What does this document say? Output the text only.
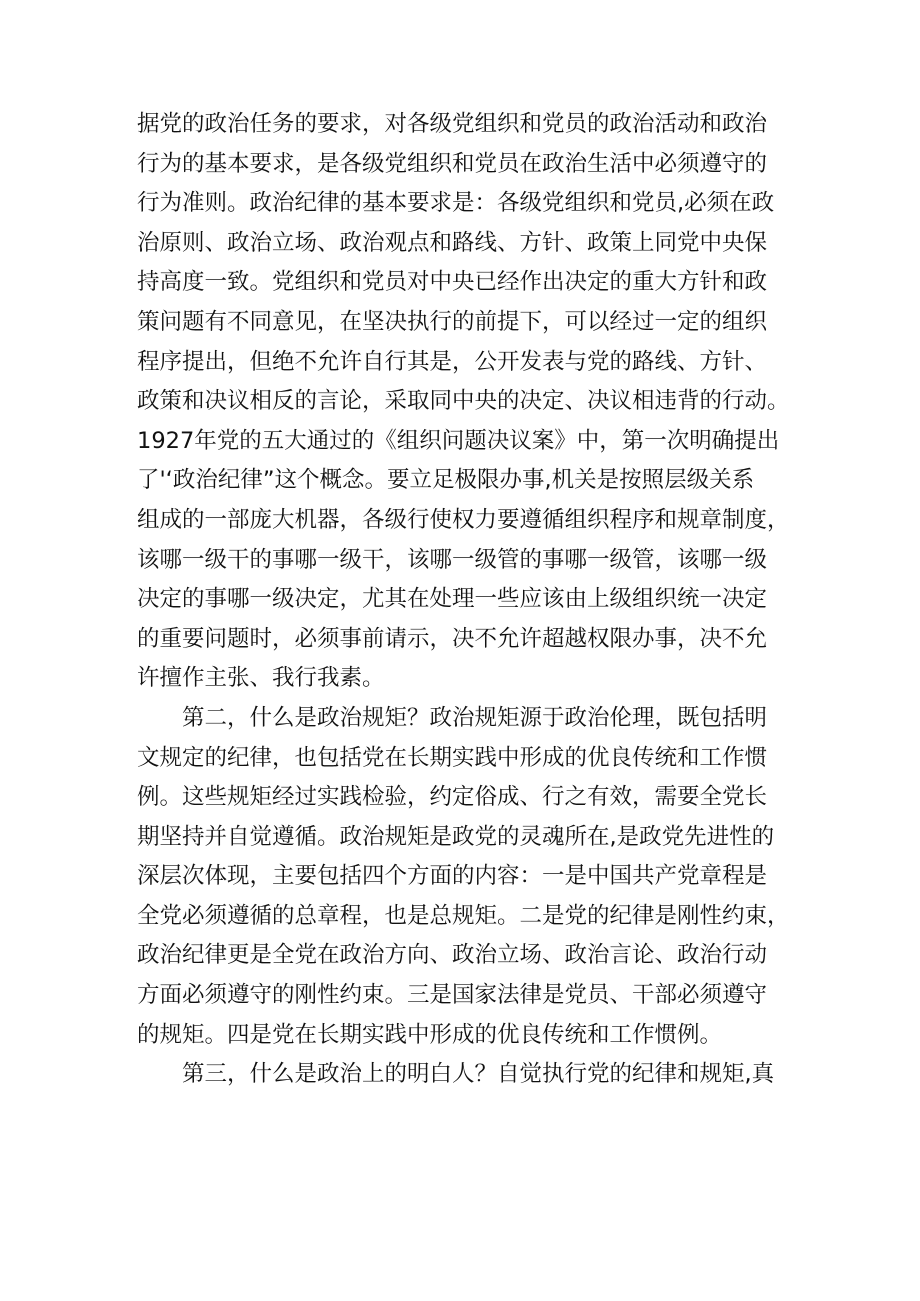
据党的政治任务的要求，对各级党组织和党员的政治活动和政治
行为的基本要求，是各级党组织和党员在政治生活中必须遵守的
行为准则。政治纪律的基本要求是：各级党组织和党员,必须在政
治原则、政治立场、政治观点和路线、方针、政策上同党中央保
持高度一致。党组织和党员对中央已经作出决定的重大方针和政
策问题有不同意见，在坚决执行的前提下，可以经过一定的组织
程序提出，但绝不允许自行其是，公开发表与党的路线、方针、
政策和决议相反的言论，采取同中央的决定、决议相违背的行动。
1927年党的五大通过的《组织问题决议案》中，第一次明确提出
了'‘政治纪律”这个概念。要立足极限办事,机关是按照层级关系
组成的一部庞大机器，各级行使权力要遵循组织程序和规章制度，
该哪一级干的事哪一级干，该哪一级管的事哪一级管，该哪一级
决定的事哪一级决定，尤其在处理一些应该由上级组织统一决定
的重要问题时，必须事前请示，决不允许超越权限办事，决不允
许擅作主张、我行我素。
第二，什么是政治规矩？政治规矩源于政治伦理，既包括明
文规定的纪律，也包括党在长期实践中形成的优良传统和工作惯
例。这些规矩经过实践检验，约定俗成、行之有效，需要全党长
期坚持并自觉遵循。政治规矩是政党的灵魂所在,是政党先进性的
深层次体现，主要包括四个方面的内容：一是中国共产党章程是
全党必须遵循的总章程，也是总规矩。二是党的纪律是刚性约束，
政治纪律更是全党在政治方向、政治立场、政治言论、政治行动
方面必须遵守的刚性约束。三是国家法律是党员、干部必须遵守
的规矩。四是党在长期实践中形成的优良传统和工作惯例。
第三，什么是政治上的明白人？自觉执行党的纪律和规矩,真
